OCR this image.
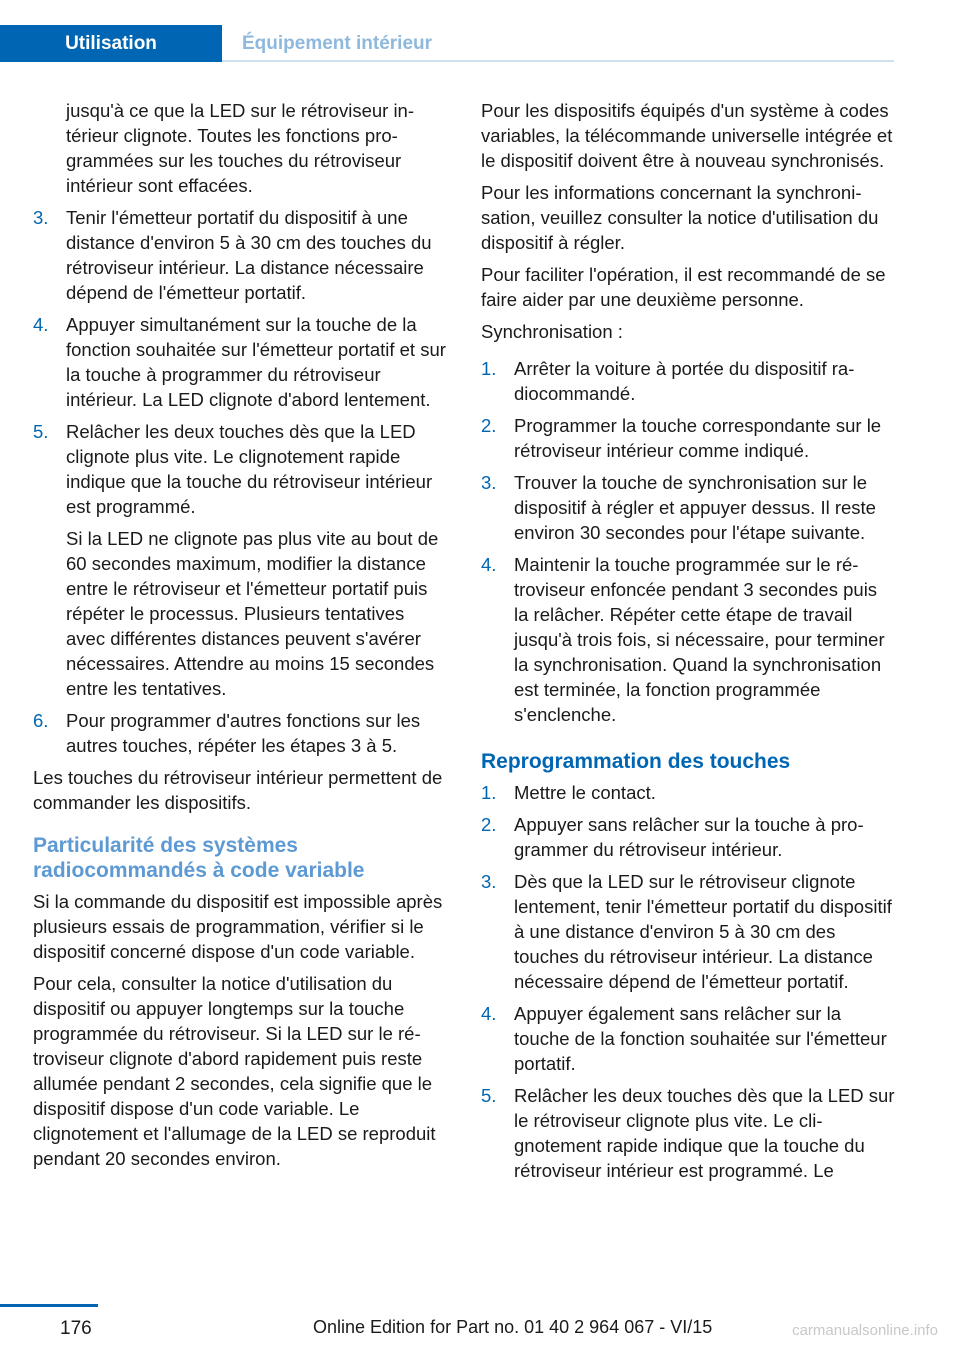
Utilisation	Équipement intérieur

jusqu'à ce que la LED sur le rétroviseur intérieur clignote. Toutes les fonctions programmées sur les touches du rétroviseur intérieur sont effacées.

3. Tenir l'émetteur portatif du dispositif à une distance d'environ 5 à 30 cm des touches du rétroviseur intérieur. La distance nécessaire dépend de l'émetteur portatif.

4. Appuyer simultanément sur la touche de la fonction souhaitée sur l'émetteur portatif et sur la touche à programmer du rétroviseur intérieur. La LED clignote d'abord lentement.

5. Relâcher les deux touches dès que la LED clignote plus vite. Le clignotement rapide indique que la touche du rétroviseur intérieur est programmé.

Si la LED ne clignote pas plus vite au bout de 60 secondes maximum, modifier la distance entre le rétroviseur et l'émetteur portatif puis répéter le processus. Plusieurs tentatives avec différentes distances peuvent s'avérer nécessaires. Attendre au moins 15 secondes entre les tentatives.

6. Pour programmer d'autres fonctions sur les autres touches, répéter les étapes 3 à 5.

Les touches du rétroviseur intérieur permettent de commander les dispositifs.

Particularité des systèmes radiocommandés à code variable

Si la commande du dispositif est impossible après plusieurs essais de programmation, vérifier si le dispositif concerné dispose d'un code variable.

Pour cela, consulter la notice d'utilisation du dispositif ou appuyer longtemps sur la touche programmée du rétroviseur. Si la LED sur le rétroviseur clignote d'abord rapidement puis reste allumée pendant 2 secondes, cela signifie que le dispositif dispose d'un code variable. Le clignotement et l'allumage de la LED se reproduit pendant 20 secondes environ.

Pour les dispositifs équipés d'un système à codes variables, la télécommande universelle intégrée et le dispositif doivent être à nouveau synchronisés.

Pour les informations concernant la synchronisation, veuillez consulter la notice d'utilisation du dispositif à régler.

Pour faciliter l'opération, il est recommandé de se faire aider par une deuxième personne.

Synchronisation :

1. Arrêter la voiture à portée du dispositif radiocommandé.

2. Programmer la touche correspondante sur le rétroviseur intérieur comme indiqué.

3. Trouver la touche de synchronisation sur le dispositif à régler et appuyer dessus. Il reste environ 30 secondes pour l'étape suivante.

4. Maintenir la touche programmée sur le rétroviseur enfoncée pendant 3 secondes puis la relâcher. Répéter cette étape de travail jusqu'à trois fois, si nécessaire, pour terminer la synchronisation. Quand la synchronisation est terminée, la fonction programmée s'enclenche.

Reprogrammation des touches
1. Mettre le contact.

2. Appuyer sans relâcher sur la touche à programmer du rétroviseur intérieur.

3. Dès que la LED sur le rétroviseur clignote lentement, tenir l'émetteur portatif du dispositif à une distance d'environ 5 à 30 cm des touches du rétroviseur intérieur. La distance nécessaire dépend de l'émetteur portatif.

4. Appuyer également sans relâcher sur la touche de la fonction souhaitée sur l'émetteur portatif.

5. Relâcher les deux touches dès que la LED sur le rétroviseur clignote plus vite. Le clignotement rapide indique que la touche du rétroviseur intérieur est programmé. Le

176	Online Edition for Part no. 01 40 2 964 067 - VI/15	carmanualsonline.info
